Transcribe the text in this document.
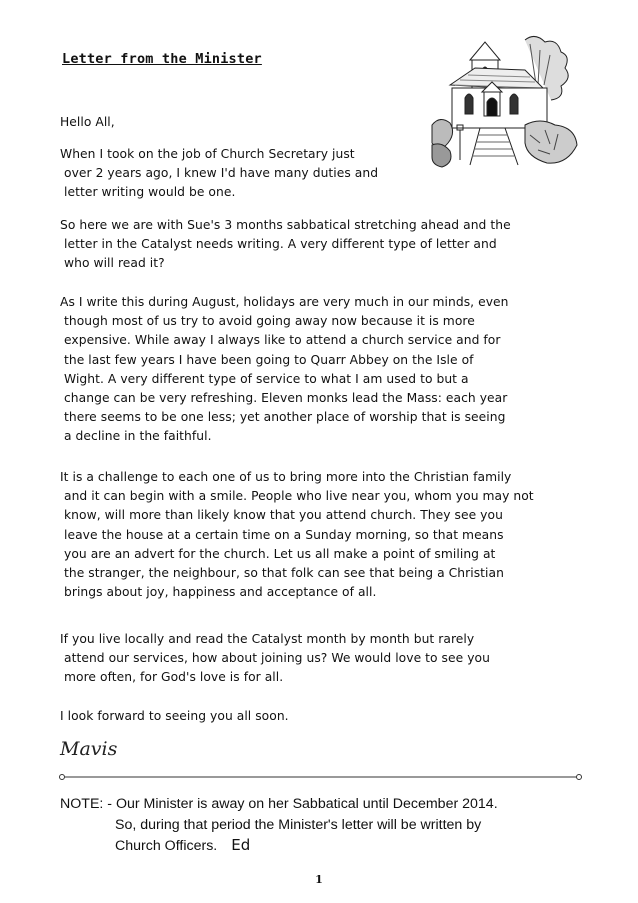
Letter from the Minister
Hello All,
When I took on the job of Church Secretary just
over 2 years ago, I knew I'd have many duties and
letter writing would be one.
So here we are with Sue's 3 months sabbatical stretching ahead and the
letter in the Catalyst needs writing. A very different type of letter and
who will read it?
As I write this during August, holidays are very much in our minds, even
though most of us try to avoid going away now because it is more
expensive. While away I always like to attend a church service and for
the last few years I have been going to Quarr Abbey on the Isle of
Wight. A very different type of service to what I am used to but a
change can be very refreshing. Eleven monks lead the Mass: each year
there seems to be one less; yet another place of worship that is seeing
a decline in the faithful.
It is a challenge to each one of us to bring more into the Christian family
and it can begin with a smile. People who live near you, whom you may not
know, will more than likely know that you attend church. They see you
leave the house at a certain time on a Sunday morning, so that means
you are an advert for the church. Let us all make a point of smiling at
the stranger, the neighbour, so that folk can see that being a Christian
brings about joy, happiness and acceptance of all.
If you live locally and read the Catalyst month by month but rarely
attend our services, how about joining us? We would love to see you
more often, for God's love is for all.
I look forward to seeing you all soon.
Mavis
NOTE: - Our Minister is away on her Sabbatical until December 2014.
So, during that period the Minister's letter will be written by
Church Officers. Ed
1
